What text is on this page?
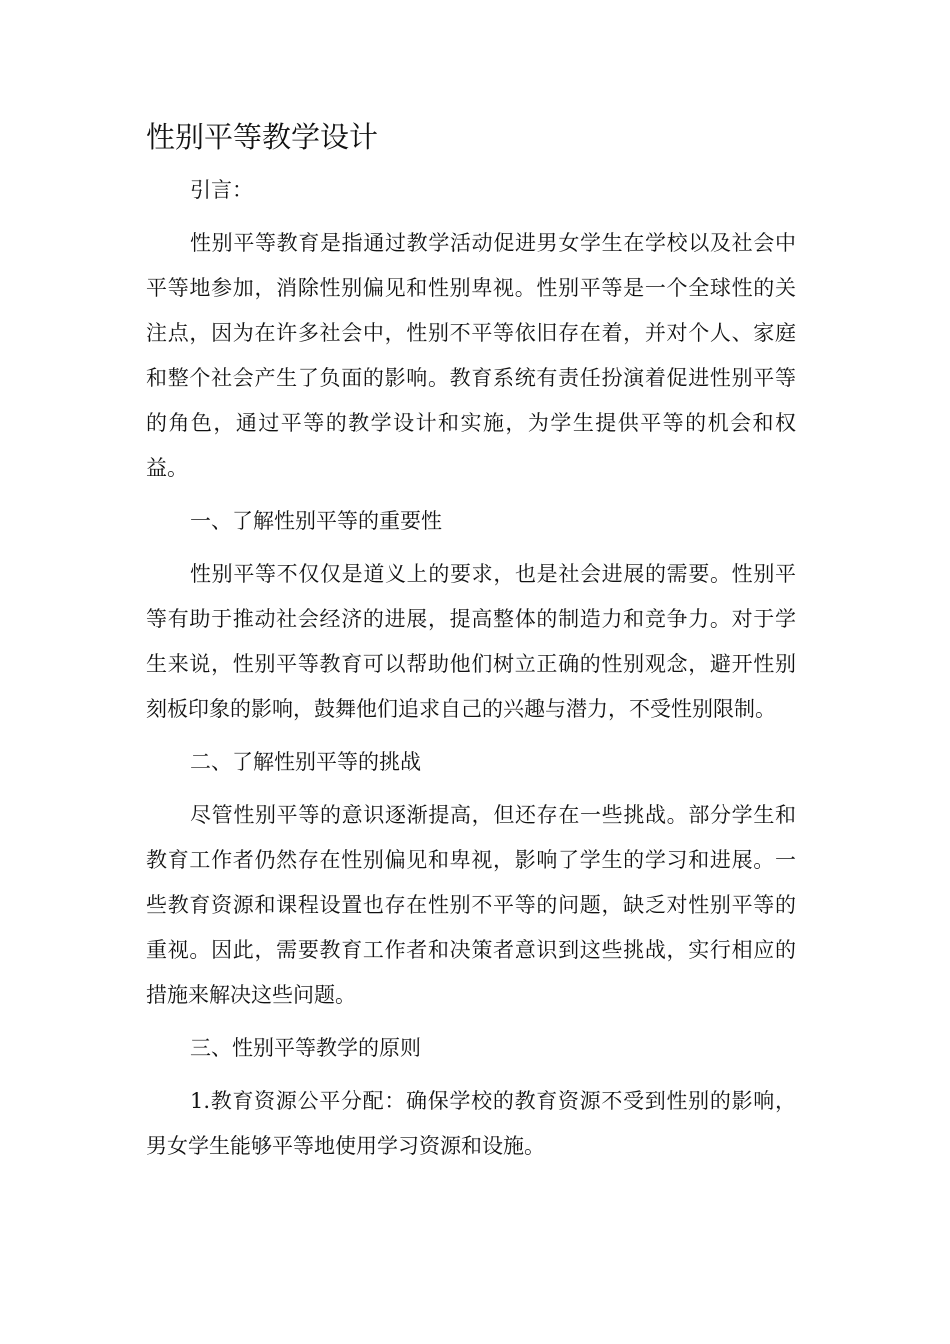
性别平等教学设计

引言：

性别平等教育是指通过教学活动促进男女学生在学校以及社会中平等地参加，消除性别偏见和性别卑视。性别平等是一个全球性的关注点，因为在许多社会中，性别不平等依旧存在着，并对个人、家庭和整个社会产生了负面的影响。教育系统有责任扮演着促进性别平等的角色，通过平等的教学设计和实施，为学生提供平等的机会和权益。

一、了解性别平等的重要性

性别平等不仅仅是道义上的要求，也是社会进展的需要。性别平等有助于推动社会经济的进展，提高整体的制造力和竞争力。对于学生来说，性别平等教育可以帮助他们树立正确的性别观念，避开性别刻板印象的影响，鼓舞他们追求自己的兴趣与潜力，不受性别限制。

二、了解性别平等的挑战

尽管性别平等的意识逐渐提高，但还存在一些挑战。部分学生和教育工作者仍然存在性别偏见和卑视，影响了学生的学习和进展。一些教育资源和课程设置也存在性别不平等的问题，缺乏对性别平等的重视。因此，需要教育工作者和决策者意识到这些挑战，实行相应的措施来解决这些问题。

三、性别平等教学的原则

1.教育资源公平分配：确保学校的教育资源不受到性别的影响，男女学生能够平等地使用学习资源和设施。
